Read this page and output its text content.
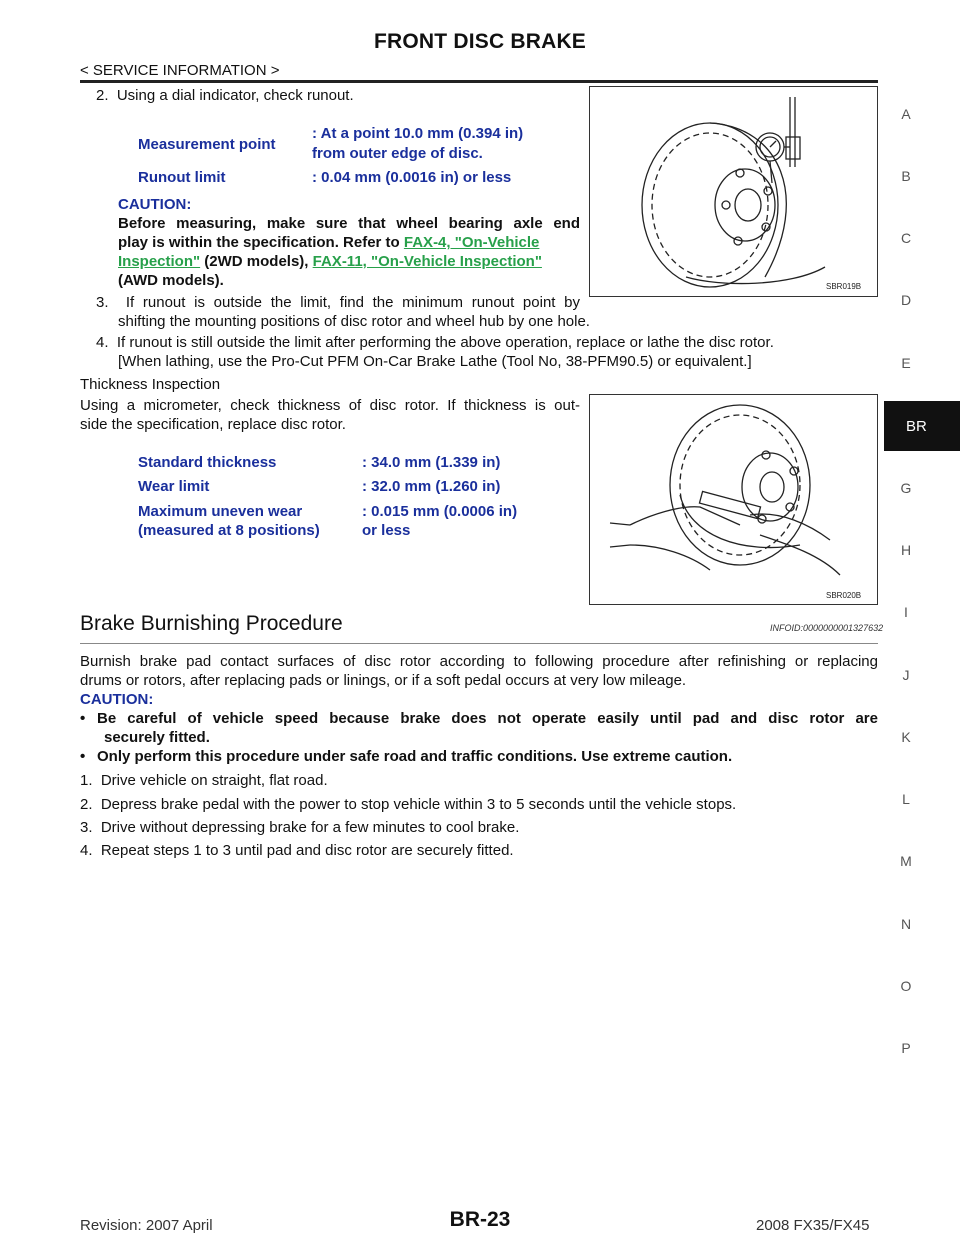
FRONT DISC BRAKE
< SERVICE INFORMATION >
A
B
C
D
E
BR
G
H
I
J
K
L
M
N
O
P
2.  Using a dial indicator, check runout.
Measurement point
: At a point 10.0 mm (0.394 in)
from outer edge of disc.
Runout limit	: 0.04 mm (0.0016 in) or less
CAUTION:
Before measuring, make sure that wheel bearing axle end
play is within the specification. Refer to FAX-4, "On-Vehicle
Inspection" (2WD models), FAX-11, "On-Vehicle Inspection"
(AWD models).
3.  If runout is outside the limit, find the minimum runout point by
shifting the mounting positions of disc rotor and wheel hub by one hole.
4.  If runout is still outside the limit after performing the above operation, replace or lathe the disc rotor.
[When lathing, use the Pro-Cut PFM On-Car Brake Lathe (Tool No, 38-PFM90.5) or equivalent.]
SBR019B
Thickness Inspection
Using a micrometer, check thickness of disc rotor. If thickness is out-
side the specification, replace disc rotor.
Standard thickness	: 34.0 mm (1.339 in)
Wear limit	: 32.0 mm (1.260 in)
Maximum uneven wear
(measured at 8 positions)
: 0.015 mm (0.0006 in)
or less
SBR020B
Brake Burnishing Procedure	INFOID:0000000001327632
Burnish brake pad contact surfaces of disc rotor according to following procedure after refinishing or replacing
drums or rotors, after replacing pads or linings, or if a soft pedal occurs at very low mileage.
CAUTION:
• Be careful of vehicle speed because brake does not operate easily until pad and disc rotor are
securely fitted.
• Only perform this procedure under safe road and traffic conditions. Use extreme caution.
1.  Drive vehicle on straight, flat road.
2.  Depress brake pedal with the power to stop vehicle within 3 to 5 seconds until the vehicle stops.
3.  Drive without depressing brake for a few minutes to cool brake.
4.  Repeat steps 1 to 3 until pad and disc rotor are securely fitted.
Revision: 2007 April	BR-23	2008 FX35/FX45
